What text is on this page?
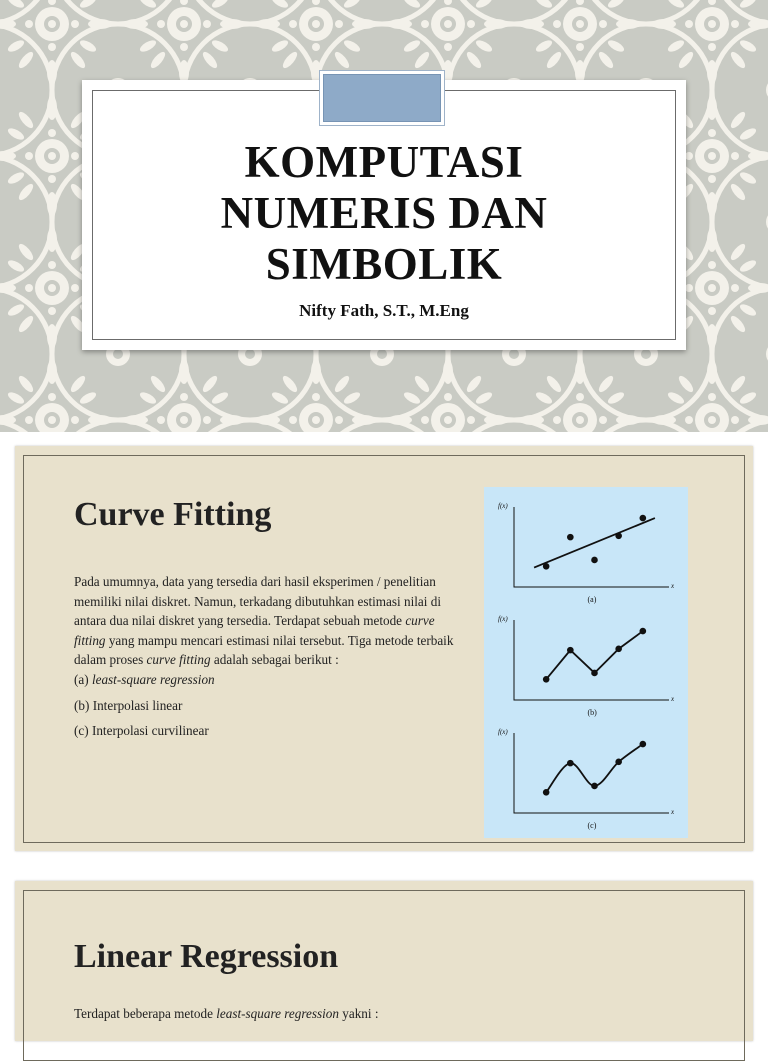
KOMPUTASI
NUMERIS DAN
SIMBOLIK
Nifty Fath, S.T., M.Eng
Curve Fitting

Pada umumnya, data yang tersedia dari hasil eksperimen / penelitian memiliki nilai diskret. Namun, terkadang dibutuhkan estimasi nilai di antara dua nilai diskret yang tersedia. Terdapat sebuah metode curve fitting yang mampu mencari estimasi nilai tersebut. Tiga metode terbaik dalam proses curve fitting adalah sebagai berikut :

(a) least-square regression

(b) Interpolasi linear

(c) Interpolasi curvilinear

f(x)
x
(a)
f(x)
x
(b)
f(x)
x
(c)
Linear Regression
Terdapat beberapa metode least-square regression yakni :
